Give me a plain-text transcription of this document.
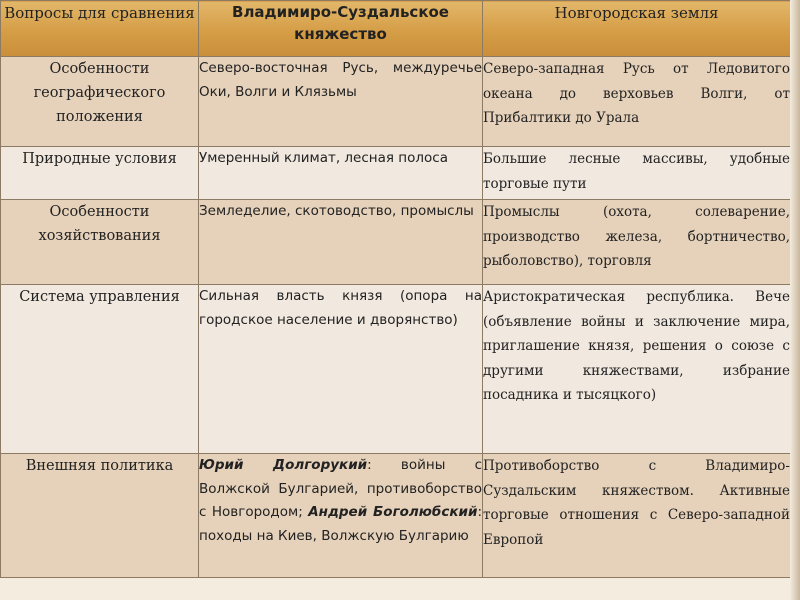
Вопросы для сравнения	Владимиро-Суздальское княжество	Новгородская земля
Особенности географического положения	Северо-восточная Русь, междуречье Оки, Волги и Клязьмы	Северо-западная Русь от Ледовитого океана до верховьев Волги, от Прибалтики до Урала
Природные условия	Умеренный климат, лесная полоса	Большие лесные массивы, удобные торговые пути
Особенности хозяйствования	Земледелие, скотоводство, промыслы	Промыслы (охота, солеварение, производство железа, бортничество, рыболовство), торговля
Система управления	Сильная власть князя (опора на городское население и дворянство)	Аристократическая республика. Вече (объявление войны и заключение мира, приглашение князя, решения о союзе с другими княжествами, избрание посадника и тысяцкого)
Внешняя политика	Юрий Долгорукий: войны с Волжской Булгарией, противоборство с Новгородом; Андрей Боголюбский: походы на Киев, Волжскую Булгарию	Противоборство с Владимиро-Суздальским княжеством. Активные торговые отношения с Северо-западной Европой
